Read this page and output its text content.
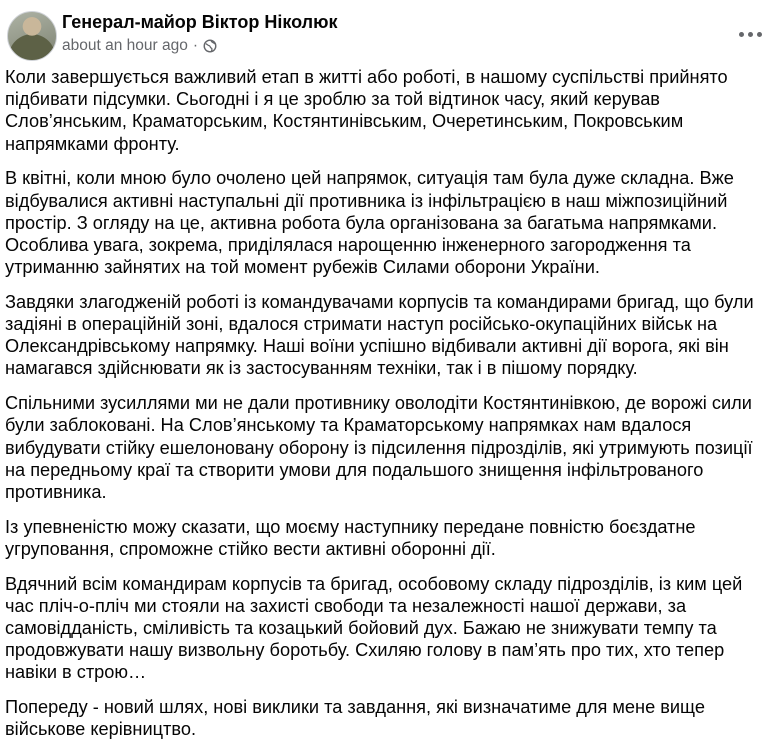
Генерал-майор Віктор Ніколюк
about an hour ago ·

Коли завершується важливий етап в житті або роботі, в нашому суспільстві прийнято підбивати підсумки. Сьогодні і я це зроблю за той відтинок часу, який керував Слов’янським, Краматорським, Костянтинівським, Очеретинським, Покровським напрямками фронту.

В квітні, коли мною було очолено цей напрямок, ситуація там була дуже складна. Вже відбувалися активні наступальні дії противника із інфільтрацією в наш міжпозиційний простір. З огляду на це, активна робота була організована за багатьма напрямками. Особлива увага, зокрема, приділялася нарощенню інженерного загородження та утриманню зайнятих на той момент рубежів Силами оборони України.

Завдяки злагодженій роботі із командувачами корпусів та командирами бригад, що були задіяні в операційній зоні, вдалося стримати наступ російсько-окупаційних військ на Олександрівському напрямку. Наші воїни успішно відбивали активні дії ворога, які він намагався здійснювати як із застосуванням техніки, так і в пішому порядку.

Спільними зусиллями ми не дали противнику оволодіти Костянтинівкою, де ворожі сили були заблоковані. На Слов’янському та Краматорському напрямках нам вдалося вибудувати стійку ешелоновану оборону із підсилення підрозділів, які утримують позиції на передньому краї та створити умови для подальшого знищення інфільтрованого противника.

Із упевненістю можу сказати, що моєму наступнику передане повністю боєздатне угруповання, спроможне стійко вести активні оборонні дії.

Вдячний всім командирам корпусів та бригад, особовому складу підрозділів, із ким цей час пліч-о-пліч ми стояли на захисті свободи та незалежності нашої держави, за самовідданість, сміливість та козацький бойовий дух. Бажаю не знижувати темпу та продовжувати нашу визвольну боротьбу. Схиляю голову в пам’ять про тих, хто тепер навіки в строю…

Попереду - новий шлях, нові виклики та завдання, які визначатиме для мене вище військове керівництво.
